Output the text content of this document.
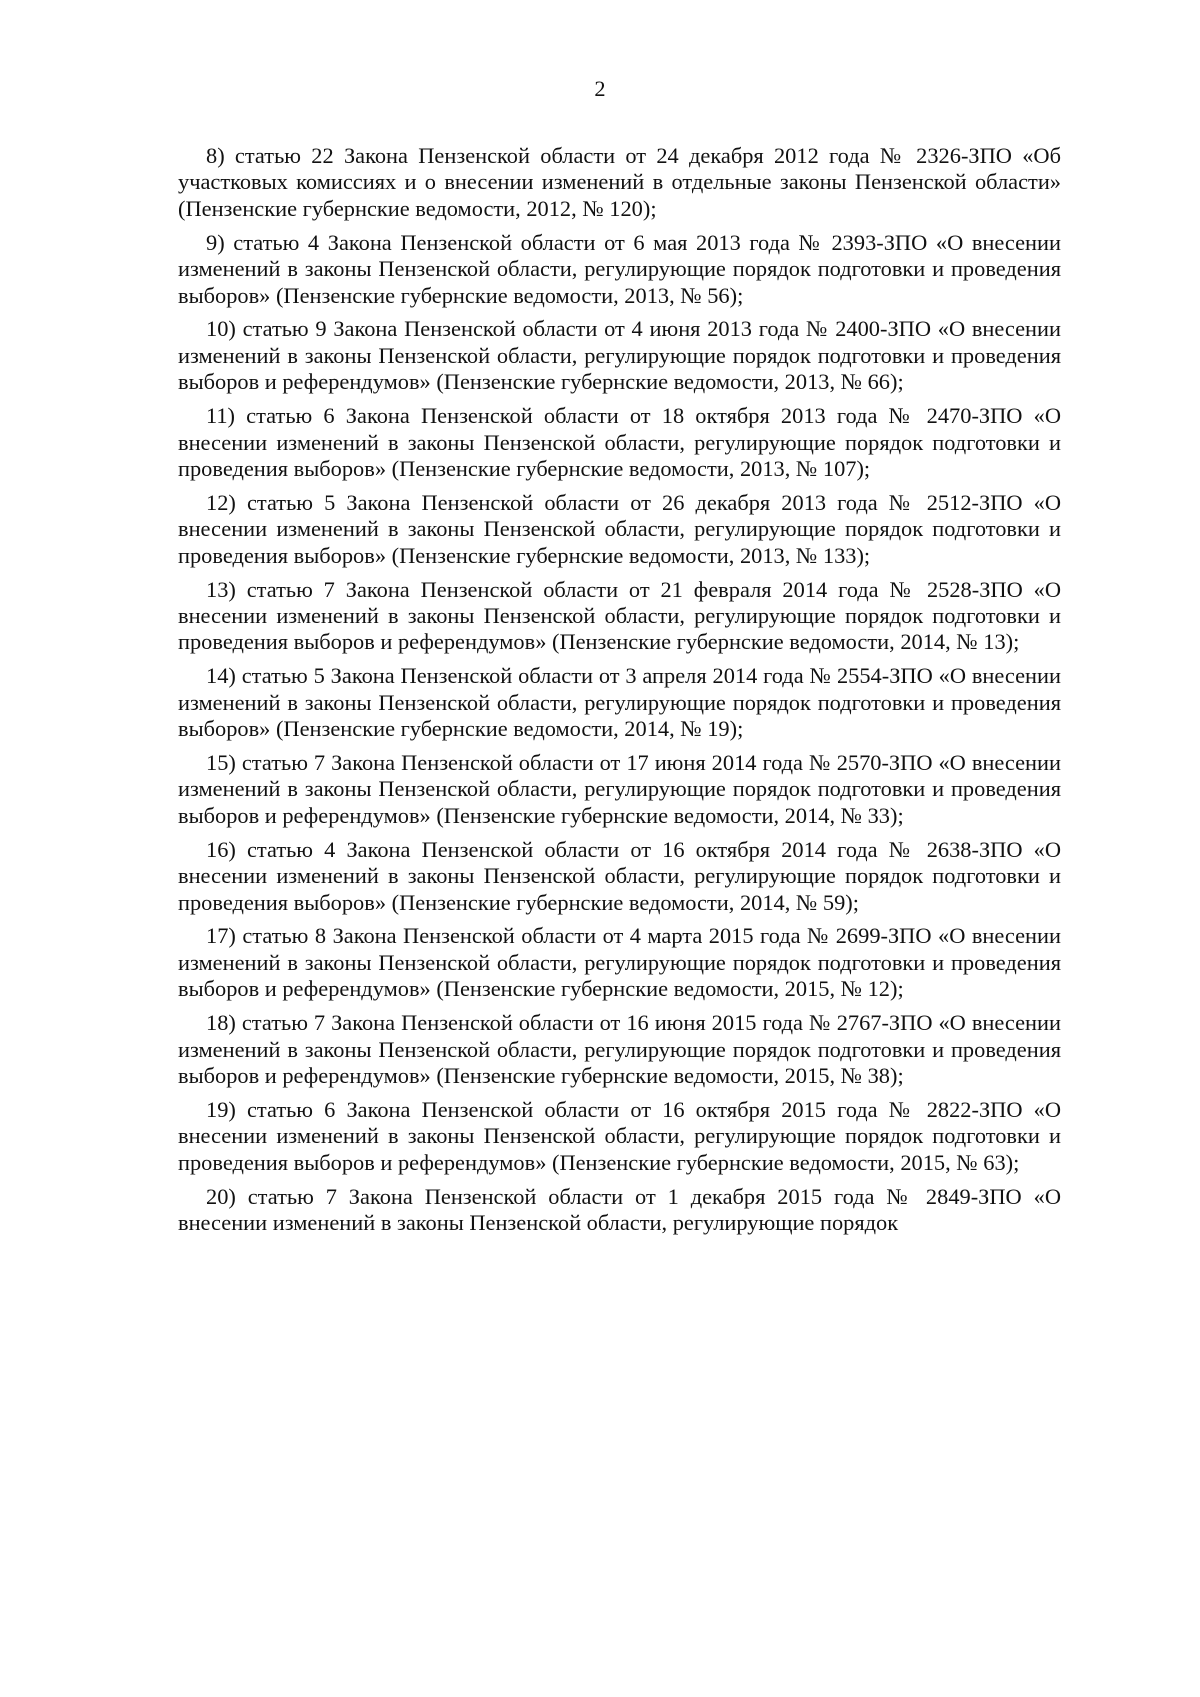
2

8) статью 22 Закона Пензенской области от 24 декабря 2012 года № 2326-ЗПО «Об участковых комиссиях и о внесении изменений в отдельные законы Пензенской области» (Пензенские губернские ведомости, 2012, № 120);

9) статью 4 Закона Пензенской области от 6 мая 2013 года № 2393-ЗПО «О внесении изменений в законы Пензенской области, регулирующие порядок подготовки и проведения выборов» (Пензенские губернские ведомости, 2013, № 56);

10) статью 9 Закона Пензенской области от 4 июня 2013 года № 2400-ЗПО «О внесении изменений в законы Пензенской области, регулирующие порядок подготовки и проведения выборов и референдумов» (Пензенские губернские ведомости, 2013, № 66);

11) статью 6 Закона Пензенской области от 18 октября 2013 года № 2470-ЗПО «О внесении изменений в законы Пензенской области, регулирующие порядок подготовки и проведения выборов» (Пензенские губернские ведомости, 2013, № 107);

12) статью 5 Закона Пензенской области от 26 декабря 2013 года № 2512-ЗПО «О внесении изменений в законы Пензенской области, регулирующие порядок подготовки и проведения выборов» (Пензенские губернские ведомости, 2013, № 133);

13) статью 7 Закона Пензенской области от 21 февраля 2014 года № 2528-ЗПО «О внесении изменений в законы Пензенской области, регулирующие порядок подготовки и проведения выборов и референдумов» (Пензенские губернские ведомости, 2014, № 13);

14) статью 5 Закона Пензенской области от 3 апреля 2014 года № 2554-ЗПО «О внесении изменений в законы Пензенской области, регулирующие порядок подготовки и проведения выборов» (Пензенские губернские ведомости, 2014, № 19);

15) статью 7 Закона Пензенской области от 17 июня 2014 года № 2570-ЗПО «О внесении изменений в законы Пензенской области, регулирующие порядок подготовки и проведения выборов и референдумов» (Пензенские губернские ведомости, 2014, № 33);

16) статью 4 Закона Пензенской области от 16 октября 2014 года № 2638-ЗПО «О внесении изменений в законы Пензенской области, регулирующие порядок подготовки и проведения выборов» (Пензенские губернские ведомости, 2014, № 59);

17) статью 8 Закона Пензенской области от 4 марта 2015 года № 2699-ЗПО «О внесении изменений в законы Пензенской области, регулирующие порядок подготовки и проведения выборов и референдумов» (Пензенские губернские ведомости, 2015, № 12);

18) статью 7 Закона Пензенской области от 16 июня 2015 года № 2767-ЗПО «О внесении изменений в законы Пензенской области, регулирующие порядок подготовки и проведения выборов и референдумов» (Пензенские губернские ведомости, 2015, № 38);

19) статью 6 Закона Пензенской области от 16 октября 2015 года № 2822-ЗПО «О внесении изменений в законы Пензенской области, регулирующие порядок подготовки и проведения выборов и референдумов» (Пензенские губернские ведомости, 2015, № 63);

20) статью 7 Закона Пензенской области от 1 декабря 2015 года № 2849-ЗПО «О внесении изменений в законы Пензенской области, регулирующие порядок
